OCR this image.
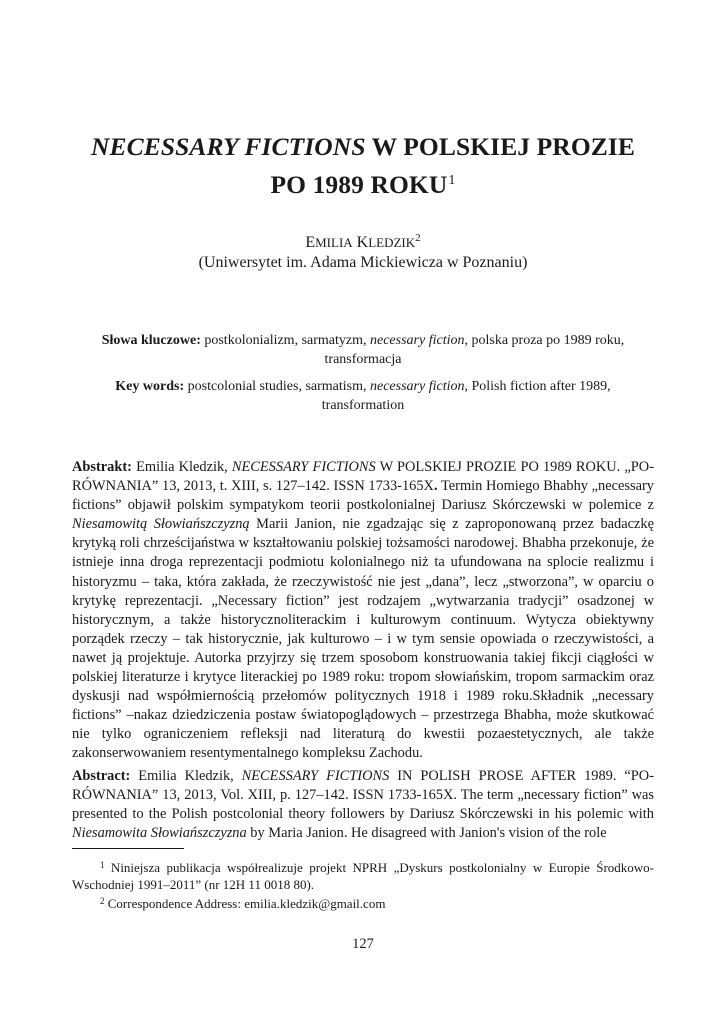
NECESSARY FICTIONS W POLSKIEJ PROZIE
PO 1989 ROKU$^1$
EMILIA KLEDZIK$^2$
(Uniwersytet im. Adama Mickiewicza w Poznaniu)
Słowa kluczowe: postkolonializm, sarmatyzm, necessary fiction, polska proza po 1989 roku,
transformacja
Key words: postcolonial studies, sarmatism, necessary fiction, Polish fiction after 1989,
transformation
Abstrakt: Emilia Kledzik, NECESSARY FICTIONS W POLSKIEJ PROZIE PO 1989 ROKU. „PORÓWNANIA” 13, 2013, t. XIII, s. 127–142. ISSN 1733-165X. Termin Homiego Bhabhy „necessary fictions” objawił polskim sympatykom teorii postkolonialnej Dariusz Skórczewski w polemice z Niesamowitą Słowiańszczyzną Marii Janion, nie zgadzając się z zaproponowaną przez badaczkę krytyką roli chrześcijaństwa w kształtowaniu polskiej tożsamości narodowej. Bhabha przekonuje, że istnieje inna droga reprezentacji podmiotu kolonialnego niż ta ufundowana na splocie realizmu i historyzmu – taka, która zakłada, że rzeczywistość nie jest „dana”, lecz „stworzona”, w oparciu o krytykę reprezentacji. „Necessary fiction” jest rodzajem „wytwarzania tradycji” osadzonej w historycznym, a także historycznoliterackim i kulturowym continuum. Wytycza obiektywny porządek rzeczy – tak historycznie, jak kulturowo – i w tym sensie opowiada o rzeczywistości, a nawet ją projektuje. Autorka przyjrzy się trzem sposobom konstruowania takiej fikcji ciągłości w polskiej literaturze i krytyce literackiej po 1989 roku: tropom słowiańskim, tropom sarmackim oraz dyskusji nad współmiernością przełomów politycznych 1918 i 1989 roku.Składnik „necessary fictions” –nakaz dziedziczenia postaw światopoglądowych – przestrzega Bhabha, może skutkować nie tylko ograniczeniem refleksji nad literaturą do kwestii pozaestetycznych, ale także zakonserwowaniem resentymentalnego kompleksu Zachodu.
Abstract: Emilia Kledzik, NECESSARY FICTIONS IN POLISH PROSE AFTER 1989. “PORÓWNANIA” 13, 2013, Vol. XIII, p. 127–142. ISSN 1733-165X. The term „necessary fiction” was presented to the Polish postcolonial theory followers by Dariusz Skórczewski in his polemic with Niesamowita Słowiańszczyzna by Maria Janion. He disagreed with Janion's vision of the role

$^1$ Niniejsza publikacja współrealizuje projekt NPRH „Dyskurs postkolonialny w Europie Środkowo-Wschodniej 1991–2011” (nr 12H 11 0018 80).

$^2$ Correspondence Address: emilia.kledzik@gmail.com

127
